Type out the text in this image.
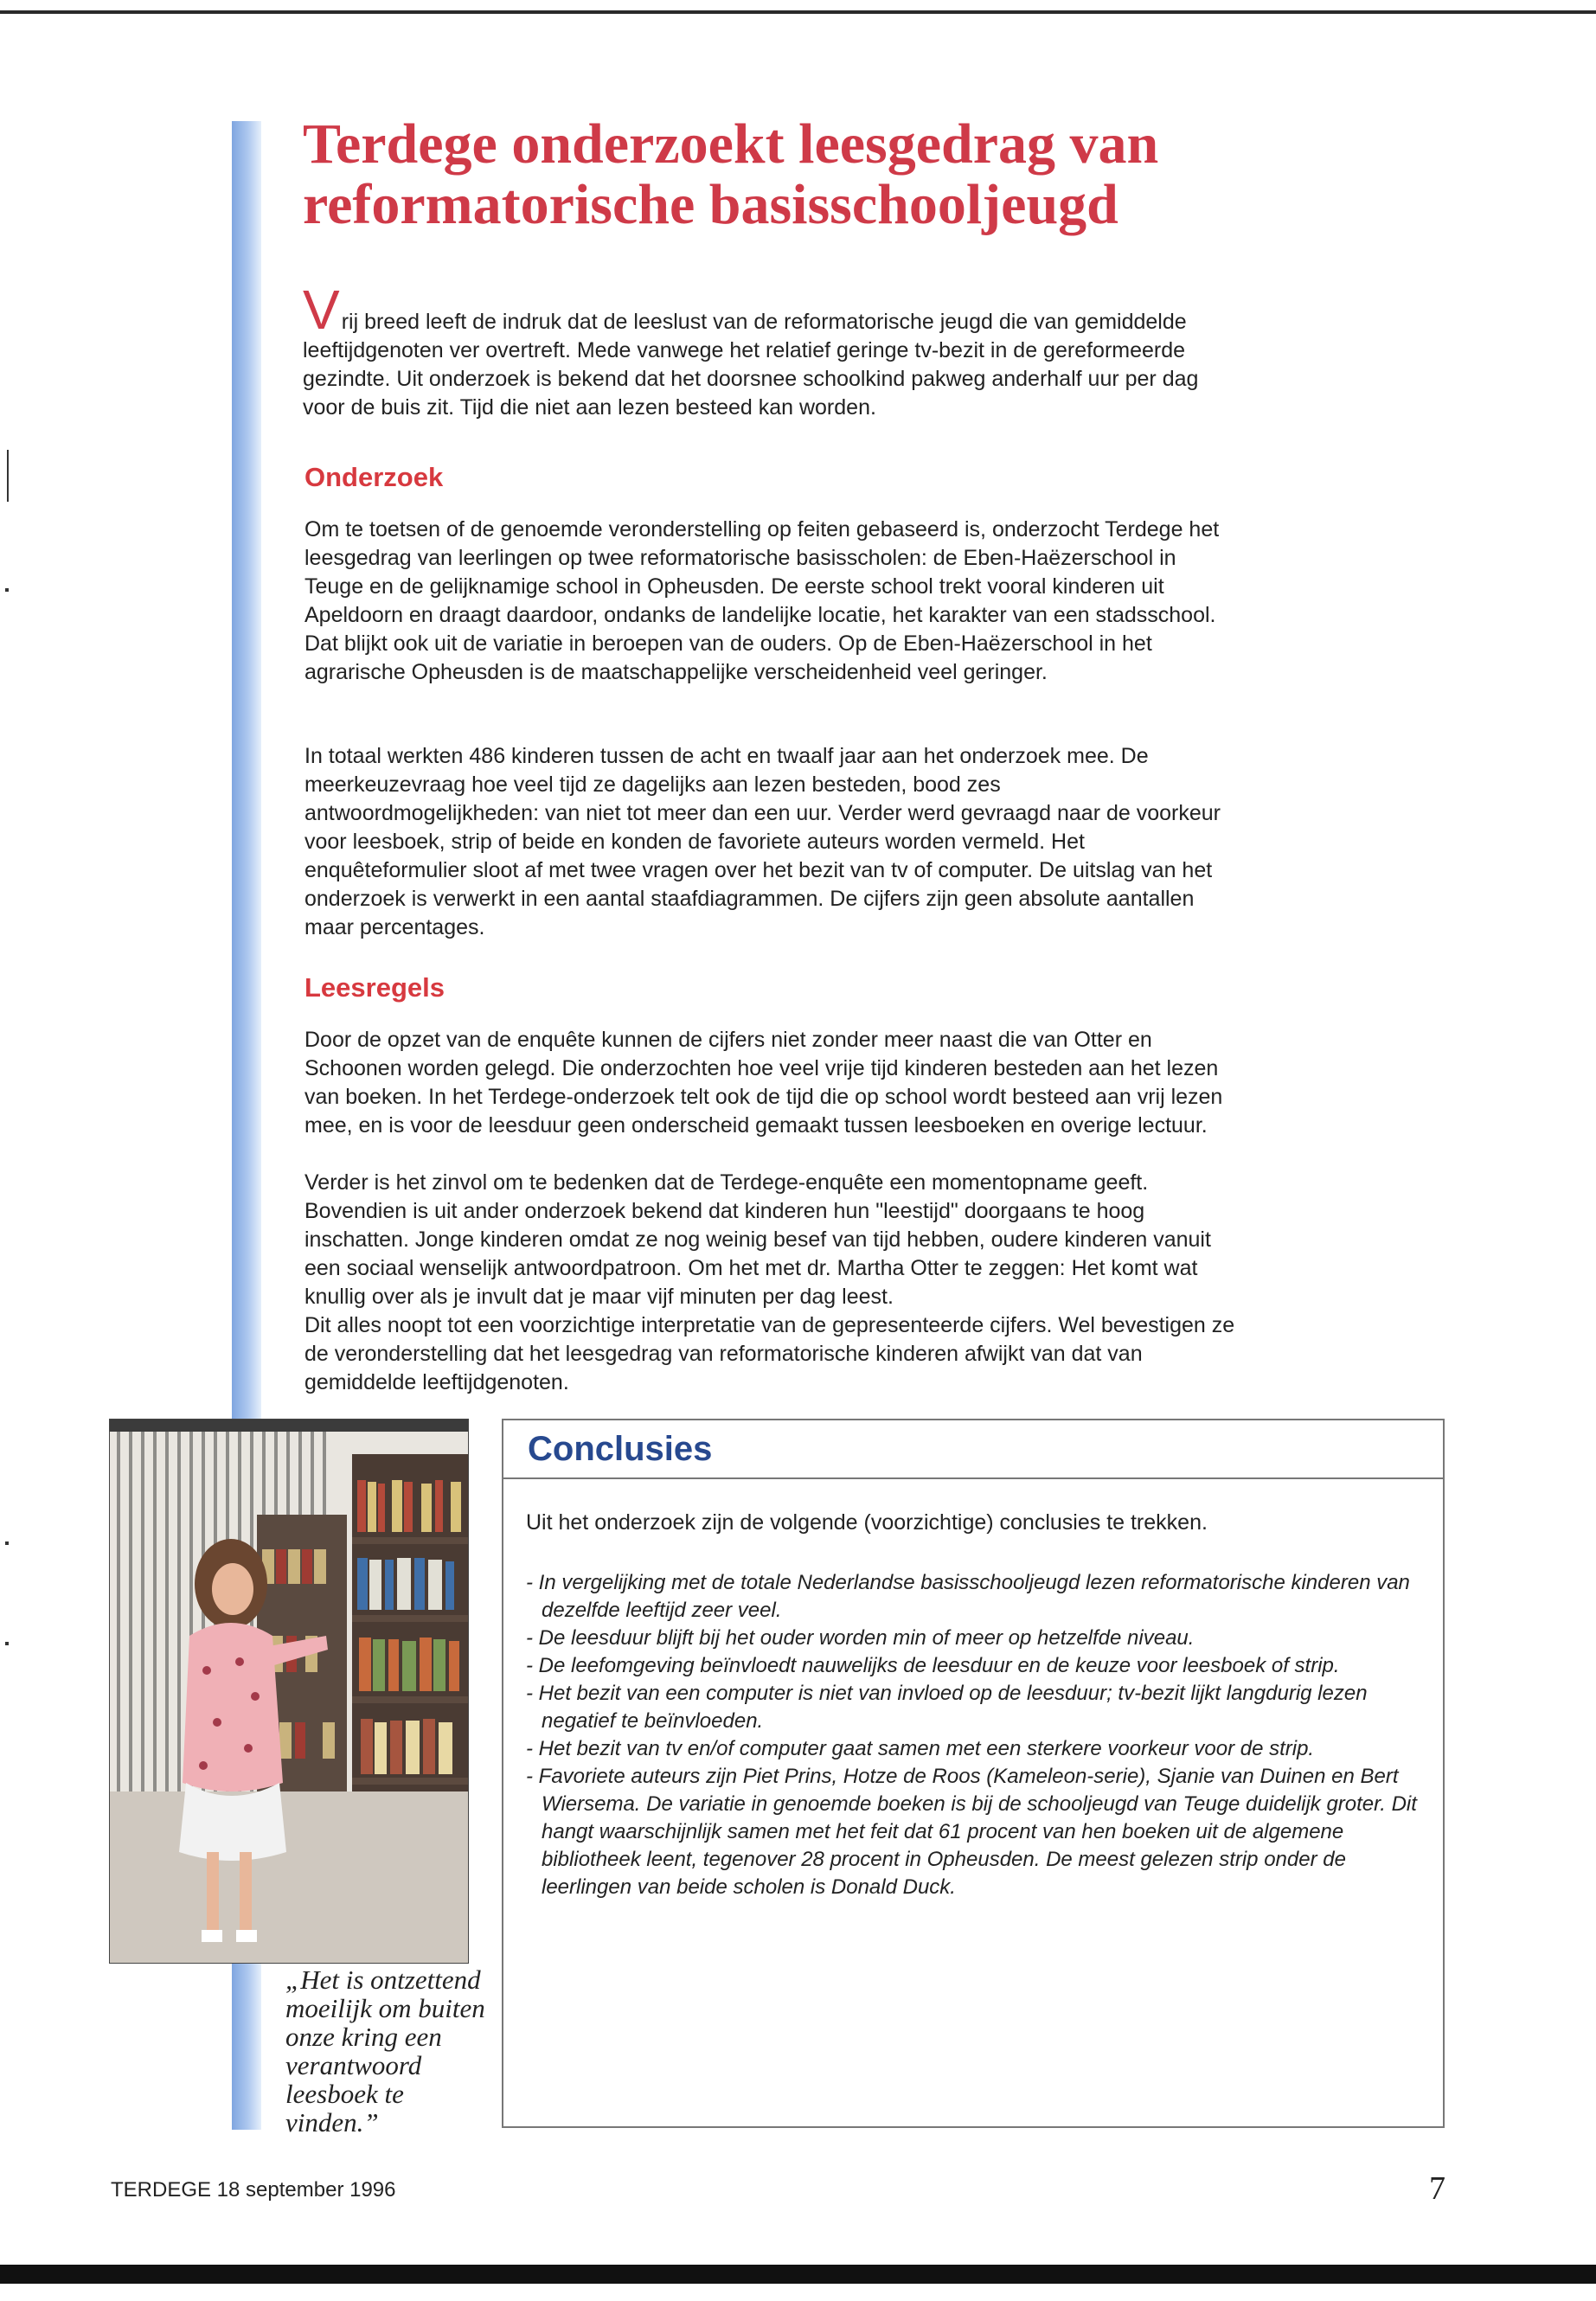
Terdege onderzoekt leesgedrag van reformatorische basisschooljeugd

Vrij breed leeft de indruk dat de leeslust van de reformatorische jeugd die van gemiddelde leeftijdgenoten ver overtreft. Mede vanwege het relatief geringe tv-bezit in de gereformeerde gezindte. Uit onderzoek is bekend dat het doorsnee schoolkind pakweg anderhalf uur per dag voor de buis zit. Tijd die niet aan lezen besteed kan worden.

Onderzoek

Om te toetsen of de genoemde veronderstelling op feiten gebaseerd is, onderzocht Terdege het leesgedrag van leerlingen op twee reformatorische basisscholen: de Eben-Haëzerschool in Teuge en de gelijknamige school in Opheusden. De eerste school trekt vooral kinderen uit Apeldoorn en draagt daardoor, ondanks de landelijke locatie, het karakter van een stadsschool. Dat blijkt ook uit de variatie in beroepen van de ouders. Op de Eben-Haëzerschool in het agrarische Opheusden is de maatschappelijke verscheidenheid veel geringer.

In totaal werkten 486 kinderen tussen de acht en twaalf jaar aan het onderzoek mee. De meerkeuzevraag hoe veel tijd ze dagelijks aan lezen besteden, bood zes antwoordmogelijkheden: van niet tot meer dan een uur. Verder werd gevraagd naar de voorkeur voor leesboek, strip of beide en konden de favoriete auteurs worden vermeld. Het enquêteformulier sloot af met twee vragen over het bezit van tv of computer. De uitslag van het onderzoek is verwerkt in een aantal staafdiagrammen. De cijfers zijn geen absolute aantallen maar percentages.

Leesregels

Door de opzet van de enquête kunnen de cijfers niet zonder meer naast die van Otter en Schoonen worden gelegd. Die onderzochten hoe veel vrije tijd kinderen besteden aan het lezen van boeken. In het Terdege-onderzoek telt ook de tijd die op school wordt besteed aan vrij lezen mee, en is voor de leesduur geen onderscheid gemaakt tussen leesboeken en overige lectuur.

Verder is het zinvol om te bedenken dat de Terdege-enquête een momentopname geeft. Bovendien is uit ander onderzoek bekend dat kinderen hun "leestijd" doorgaans te hoog inschatten. Jonge kinderen omdat ze nog weinig besef van tijd hebben, oudere kinderen vanuit een sociaal wenselijk antwoordpatroon. Om het met dr. Martha Otter te zeggen: Het komt wat knullig over als je invult dat je maar vijf minuten per dag leest.

Dit alles noopt tot een voorzichtige interpretatie van de gepresenteerde cijfers. Wel bevestigen ze de veronderstelling dat het leesgedrag van reformatorische kinderen afwijkt van dat van gemiddelde leeftijdgenoten.

„Het is ontzettend moeilijk om buiten onze kring een verantwoord leesboek te vinden.”

Conclusies

Uit het onderzoek zijn de volgende (voorzichtige) conclusies te trekken.

- In vergelijking met de totale Nederlandse basisschooljeugd lezen reformatorische kinderen van dezelfde leeftijd zeer veel.
- De leesduur blijft bij het ouder worden min of meer op hetzelfde niveau.
- De leefomgeving beïnvloedt nauwelijks de leesduur en de keuze voor leesboek of strip.
- Het bezit van een computer is niet van invloed op de leesduur; tv-bezit lijkt langdurig lezen negatief te beïnvloeden.
- Het bezit van tv en/of computer gaat samen met een sterkere voorkeur voor de strip.
- Favoriete auteurs zijn Piet Prins, Hotze de Roos (Kameleon-serie), Sjanie van Duinen en Bert Wiersema. De variatie in genoemde boeken is bij de schooljeugd van Teuge duidelijk groter. Dit hangt waarschijnlijk samen met het feit dat 61 procent van hen boeken uit de algemene bibliotheek leent, tegenover 28 procent in Opheusden. De meest gelezen strip onder de leerlingen van beide scholen is Donald Duck.
TERDEGE 18 september 1996	7
